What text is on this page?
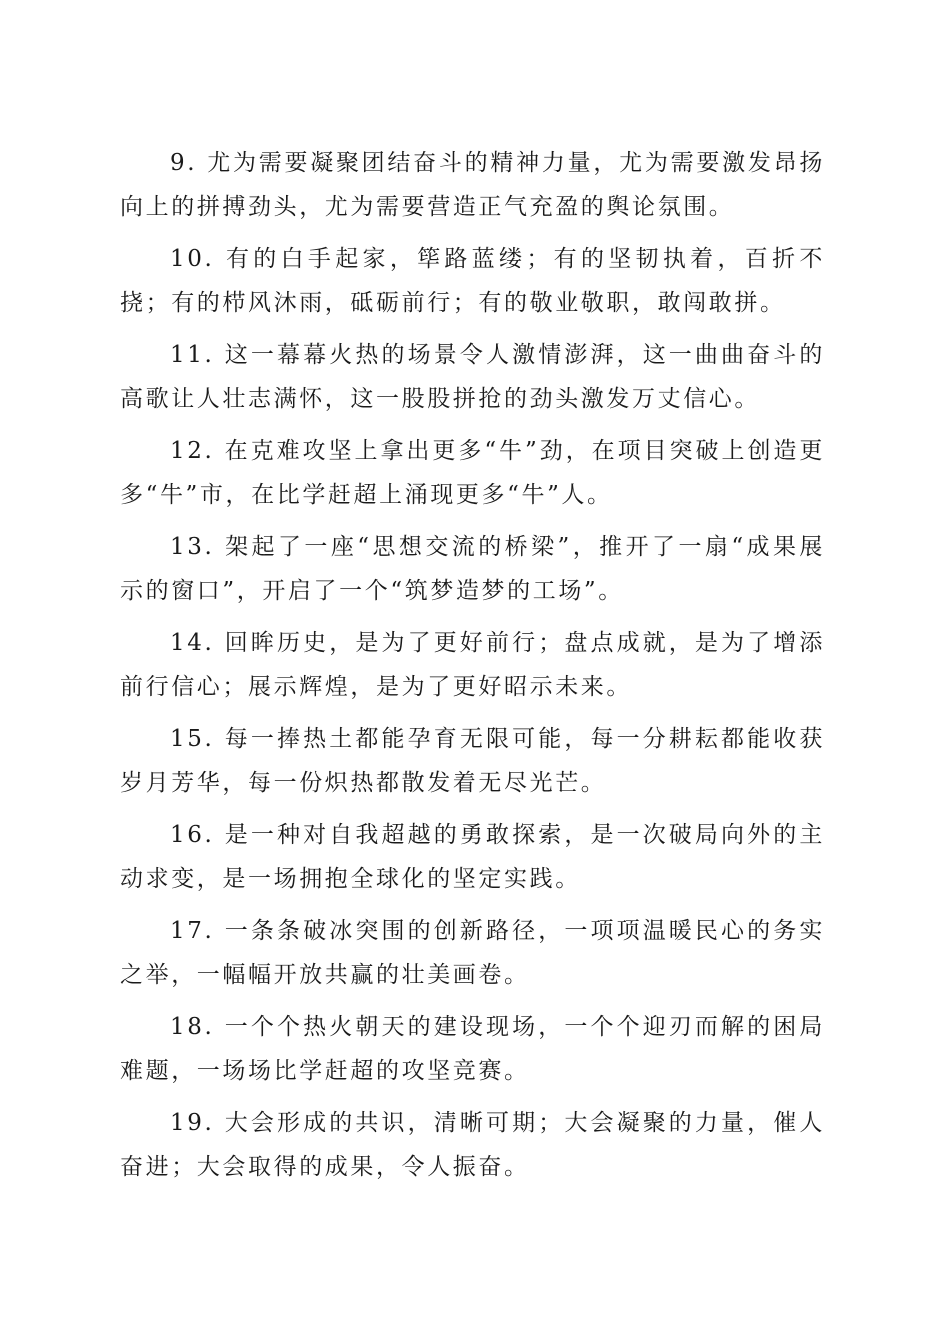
9. 尤为需要凝聚团结奋斗的精神力量，尤为需要激发昂扬向上的拼搏劲头，尤为需要营造正气充盈的舆论氛围。

10. 有的白手起家，筚路蓝缕；有的坚韧执着，百折不挠；有的栉风沐雨，砥砺前行；有的敬业敬职，敢闯敢拼。

11. 这一幕幕火热的场景令人激情澎湃，这一曲曲奋斗的高歌让人壮志满怀，这一股股拼抢的劲头激发万丈信心。

12. 在克难攻坚上拿出更多“牛”劲，在项目突破上创造更多“牛”市，在比学赶超上涌现更多“牛”人。

13. 架起了一座“思想交流的桥梁”，推开了一扇“成果展示的窗口”，开启了一个“筑梦造梦的工场”。

14. 回眸历史，是为了更好前行；盘点成就，是为了增添前行信心；展示辉煌，是为了更好昭示未来。

15. 每一捧热土都能孕育无限可能，每一分耕耘都能收获岁月芳华，每一份炽热都散发着无尽光芒。

16. 是一种对自我超越的勇敢探索，是一次破局向外的主动求变，是一场拥抱全球化的坚定实践。

17. 一条条破冰突围的创新路径，一项项温暖民心的务实之举，一幅幅开放共赢的壮美画卷。

18. 一个个热火朝天的建设现场，一个个迎刃而解的困局难题，一场场比学赶超的攻坚竞赛。

19. 大会形成的共识，清晰可期；大会凝聚的力量，催人奋进；大会取得的成果，令人振奋。
